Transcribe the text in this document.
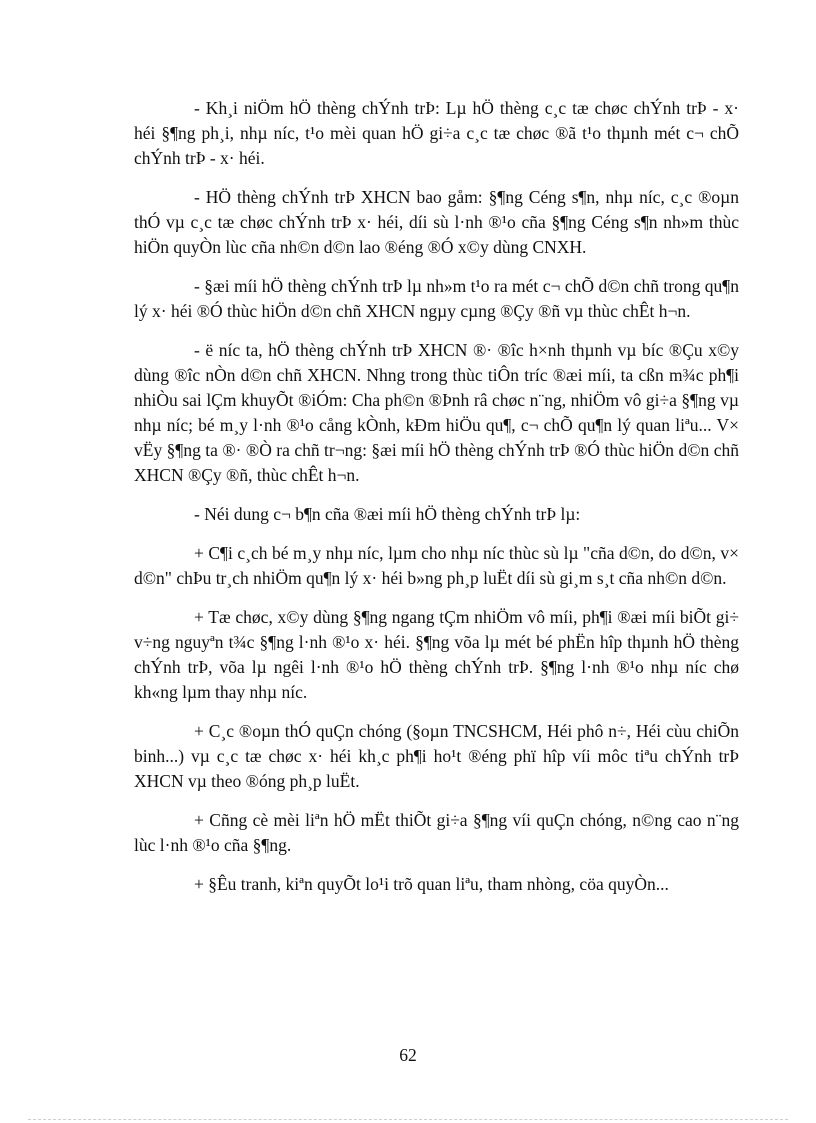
- Kh¸i niÖm hÖ thèng chÝnh trÞ: Lµ hÖ thèng c¸c tæ chøc chÝnh trÞ - x· héi §¶ng ph¸i, nhµ níc, t¹o mèi quan hÖ gi÷a c¸c tæ chøc ®ã t¹o thµnh mét c¬ chÕ chÝnh trÞ - x· héi.

- HÖ thèng chÝnh trÞ XHCN bao gåm: §¶ng Céng s¶n, nhµ níc, c¸c ®oµn thÓ vµ c¸c tæ chøc chÝnh trÞ x· héi, díi sù l·nh ®¹o cña §¶ng Céng s¶n nh»m thùc hiÖn quyÒn lùc cña nh©n d©n lao ®éng ®Ó x©y dùng CNXH.

- §æi míi hÖ thèng chÝnh trÞ lµ nh»m t¹o ra mét c¬ chÕ d©n chñ trong qu¶n lý x· héi ®Ó thùc hiÖn d©n chñ XHCN ngµy cµng ®Çy ®ñ vµ thùc chÊt h¬n.

- ë níc ta, hÖ thèng chÝnh trÞ XHCN ®· ®îc h×nh thµnh vµ bíc ®Çu x©y dùng ®îc nÒn d©n chñ XHCN. Nhng trong thùc tiÔn tríc ®æi míi, ta cßn m¾c ph¶i nhiÒu sai lÇm khuyÕt ®iÓm: Cha ph©n ®Þnh râ chøc n¨ng, nhiÖm vô gi÷a §¶ng vµ nhµ níc; bé m¸y l·nh ®¹o cång kÒnh, kÐm hiÖu qu¶, c¬ chÕ qu¶n lý quan liªu... V× vËy §¶ng ta ®· ®Ò ra chñ tr¬ng: §æi míi hÖ thèng chÝnh trÞ ®Ó thùc hiÖn d©n chñ XHCN ®Çy ®ñ, thùc chÊt h¬n.

- Néi dung c¬ b¶n cña ®æi míi hÖ thèng chÝnh trÞ lµ:

+ C¶i c¸ch bé m¸y nhµ níc, lµm cho nhµ níc thùc sù lµ "cña d©n, do d©n, v× d©n" chÞu tr¸ch nhiÖm qu¶n lý x· héi b»ng ph¸p luËt díi sù gi¸m s¸t cña nh©n d©n.

+ Tæ chøc, x©y dùng §¶ng ngang tÇm nhiÖm vô míi, ph¶i ®æi míi biÕt gi÷ v÷ng nguyªn t¾c §¶ng l·nh ®¹o x· héi. §¶ng võa lµ mét bé phËn hîp thµnh hÖ thèng chÝnh trÞ, võa lµ ngêi l·nh ®¹o hÖ thèng chÝnh trÞ. §¶ng l·nh ®¹o nhµ níc chø kh«ng lµm thay nhµ níc.

+ C¸c ®oµn thÓ quÇn chóng (§oµn TNCSHCM, Héi phô n÷, Héi cùu chiÕn binh...) vµ c¸c tæ chøc x· héi kh¸c ph¶i ho¹t ®éng phï hîp víi môc tiªu chÝnh trÞ XHCN vµ theo ®óng ph¸p luËt.

+ Cñng cè mèi liªn hÖ mËt thiÕt gi÷a §¶ng víi quÇn chóng, n©ng cao n¨ng lùc l·nh ®¹o cña §¶ng.

+ §Êu tranh, kiªn quyÕt lo¹i trõ quan liªu, tham nhòng, cöa quyÒn...

62
